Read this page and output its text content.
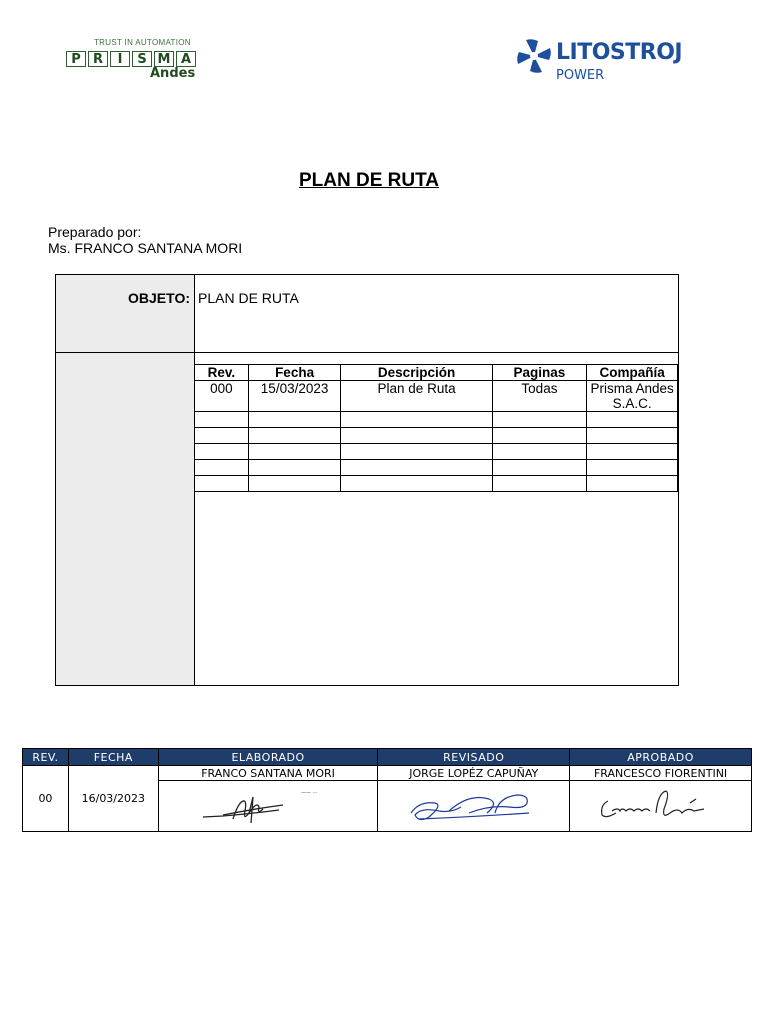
TRUST IN AUTOMATION
P R	I	S M A
Andes
LITOSTROJ
POWER
PLAN DE RUTA
Preparado por:
Ms. FRANCO SANTANA MORI
OBJETO: PLAN DE RUTA

Rev.	Fecha	Descripción	Paginas	Compañía
000	15/03/2023	Plan de Ruta	Todas	Prisma Andes
S.A.C.

REV.	FECHA	ELABORADO	REVISADO	APROBADO
00	16/03/2023	FRANCO SANTANA MORI	JORGE LOPÉZ CAPUÑAY	FRANCESCO FIORENTINI

—— ···
